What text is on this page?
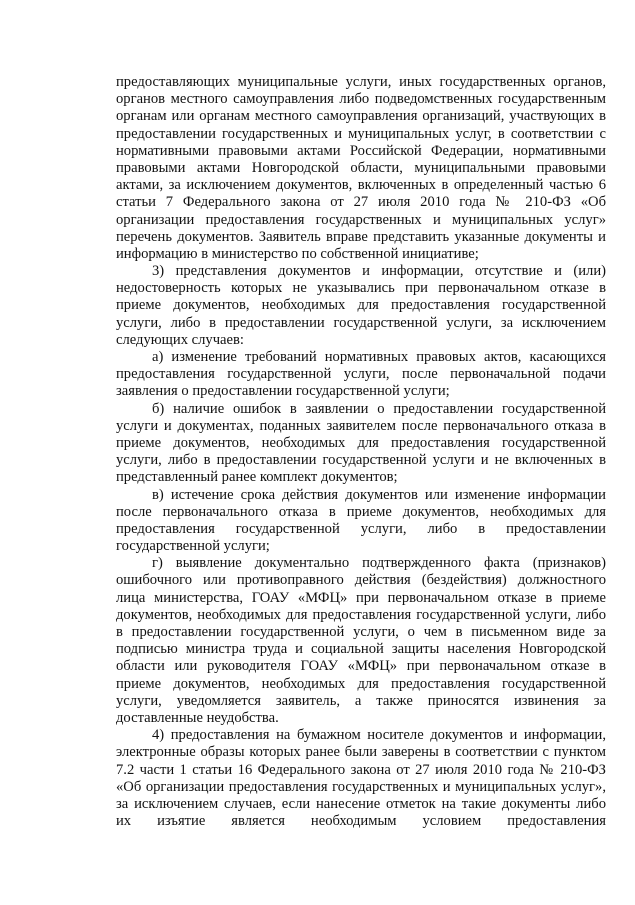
предоставляющих муниципальные услуги, иных государственных органов,
органов местного самоуправления либо подведомственных государственным
органам или органам местного самоуправления организаций, участвующих в
предоставлении государственных и муниципальных услуг, в соответствии с
нормативными правовыми актами Российской Федерации, нормативными
правовыми актами Новгородской области, муниципальными правовыми
актами, за исключением документов, включенных в определенный частью 6
статьи 7 Федерального закона от 27 июля 2010 года № 210-ФЗ «Об
организации предоставления государственных и муниципальных услуг»
перечень документов. Заявитель вправе представить указанные документы и
информацию в министерство по собственной инициативе;
3) представления документов и информации, отсутствие и (или)
недостоверность которых не указывались при первоначальном отказе в
приеме документов, необходимых для предоставления государственной
услуги, либо в предоставлении государственной услуги, за исключением
следующих случаев:
а) изменение требований нормативных правовых актов, касающихся
предоставления государственной услуги, после первоначальной подачи
заявления о предоставлении государственной услуги;
б) наличие ошибок в заявлении о предоставлении государственной
услуги и документах, поданных заявителем после первоначального отказа в
приеме документов, необходимых для предоставления государственной
услуги, либо в предоставлении государственной услуги и не включенных в
представленный ранее комплект документов;
в) истечение срока действия документов или изменение информации
после первоначального отказа в приеме документов, необходимых для
предоставления государственной услуги, либо в предоставлении
государственной услуги;
г) выявление документально подтвержденного факта (признаков)
ошибочного или противоправного действия (бездействия) должностного
лица министерства, ГОАУ «МФЦ» при первоначальном отказе в приеме
документов, необходимых для предоставления государственной услуги, либо
в предоставлении государственной услуги, о чем в письменном виде за
подписью министра труда и социальной защиты населения Новгородской
области или руководителя ГОАУ «МФЦ» при первоначальном отказе в
приеме документов, необходимых для предоставления государственной
услуги, уведомляется заявитель, а также приносятся извинения за
доставленные неудобства.
4) предоставления на бумажном носителе документов и информации,
электронные образы которых ранее были заверены в соответствии с пунктом
7.2 части 1 статьи 16 Федерального закона от 27 июля 2010 года № 210-ФЗ
«Об организации предоставления государственных и муниципальных услуг»,
за исключением случаев, если нанесение отметок на такие документы либо
их изъятие является необходимым условием предоставления
